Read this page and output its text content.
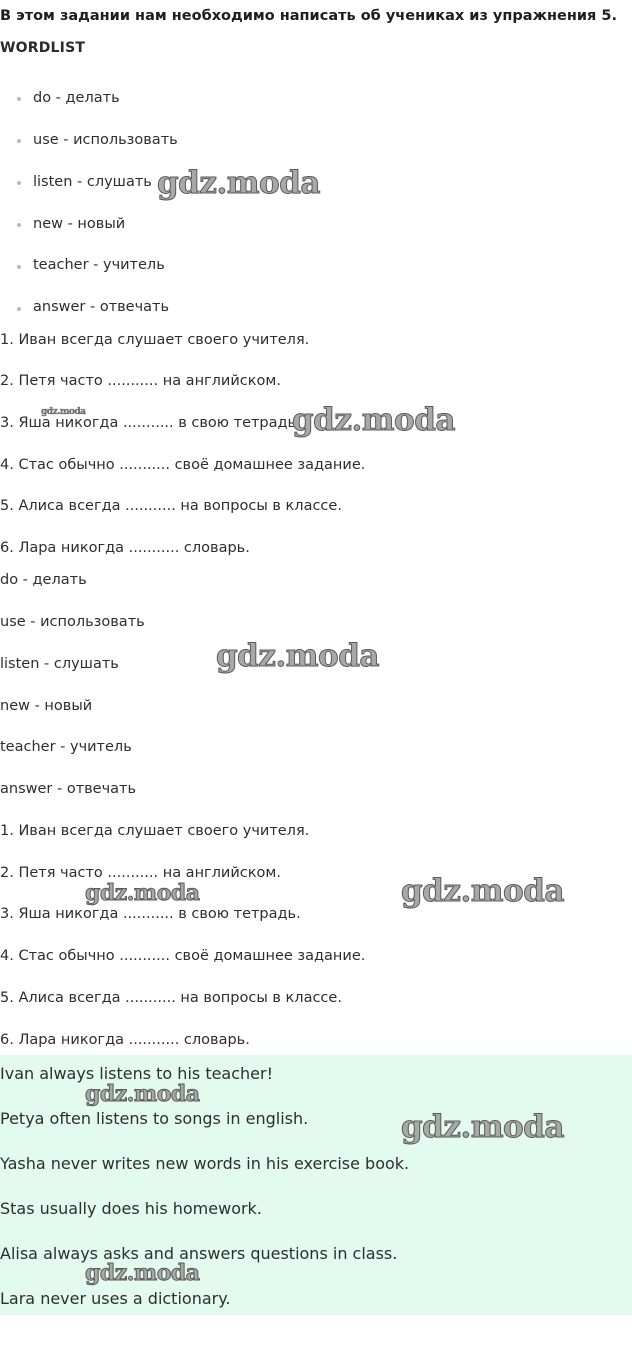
В этом задании нам необходимо написать об учениках из упражнения 5.
WORDLIST
do - делать
use - использовать
listen - слушать
new - новый
teacher - учитель
answer - отвечать
1. Иван всегда слушает своего учителя.
2. Петя часто ........... на английском.
3. Яша никогда ........... в свою тетрадь.
4. Стас обычно ........... своё домашнее задание.
5. Алиса всегда ........... на вопросы в классе.
6. Лара никогда ........... словарь.
do - делать
use - использовать
listen - слушать
new - новый
teacher - учитель
answer - отвечать
1. Иван всегда слушает своего учителя.
2. Петя часто ........... на английском.
3. Яша никогда ........... в свою тетрадь.
4. Стас обычно ........... своё домашнее задание.
5. Алиса всегда ........... на вопросы в классе.
6. Лара никогда ........... словарь.
Ivan always listens to his teacher!
Petya often listens to songs in english.
Yasha never writes new words in his exercise book.
Stas usually does his homework.
Alisa always asks and answers questions in class.
Lara never uses a dictionary.
gdz.moda
gdz.moda	gdz.moda
gdz.moda
gdz.moda	gdz.moda
gdz.moda
gdz.moda
gdz.moda
